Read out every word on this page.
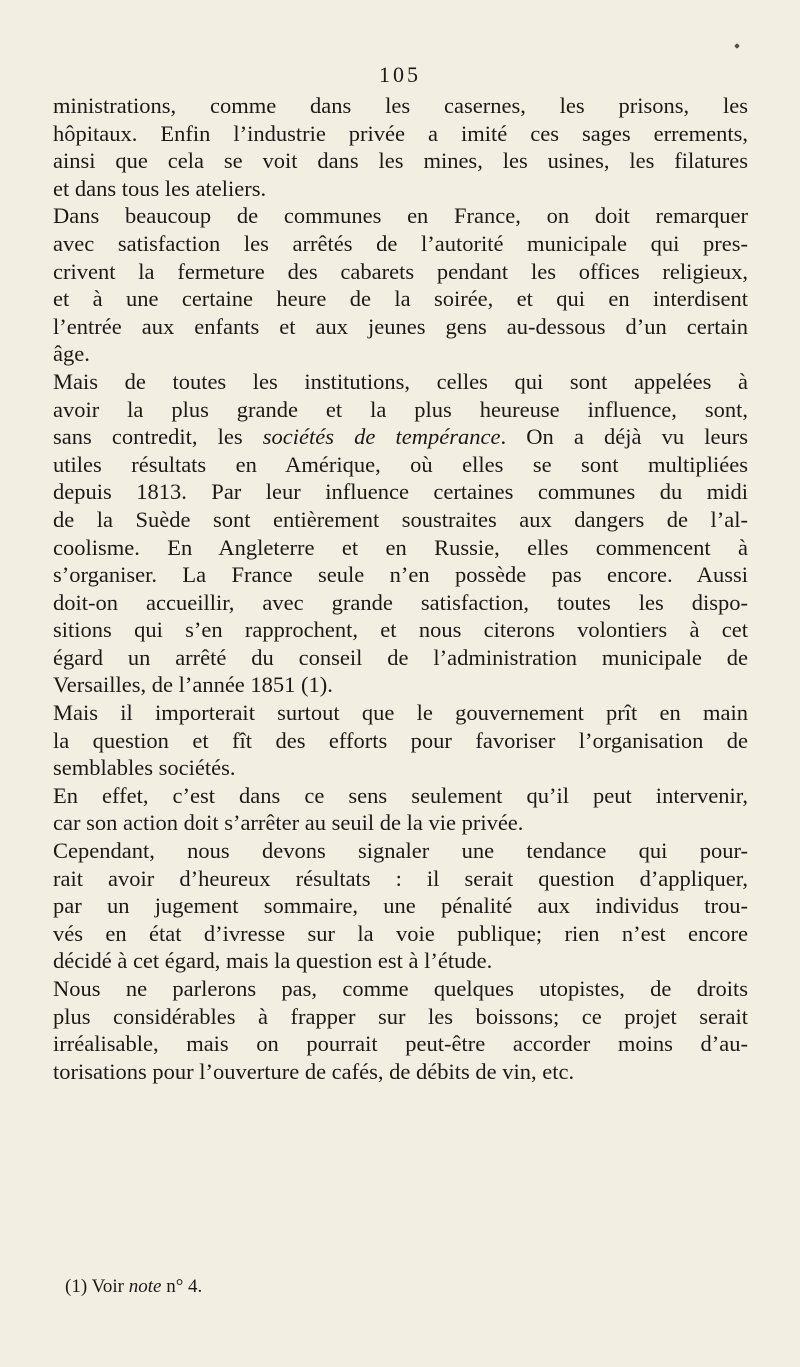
105
ministrations, comme dans les casernes, les prisons, les
hôpitaux. Enfin l’industrie privée a imité ces sages errements,
ainsi que cela se voit dans les mines, les usines, les filatures
et dans tous les ateliers.
Dans beaucoup de communes en France, on doit remarquer
avec satisfaction les arrêtés de l’autorité municipale qui pres-
crivent la fermeture des cabarets pendant les offices religieux,
et à une certaine heure de la soirée, et qui en interdisent
l’entrée aux enfants et aux jeunes gens au-dessous d’un certain
âge.
Mais de toutes les institutions, celles qui sont appelées à
avoir la plus grande et la plus heureuse influence, sont,
sans contredit, les sociétés de tempérance. On a déjà vu leurs
utiles résultats en Amérique, où elles se sont multipliées
depuis 1813. Par leur influence certaines communes du midi
de la Suède sont entièrement soustraites aux dangers de l’al-
coolisme. En Angleterre et en Russie, elles commencent à
s’organiser. La France seule n’en possède pas encore. Aussi
doit-on accueillir, avec grande satisfaction, toutes les dispo-
sitions qui s’en rapprochent, et nous citerons volontiers à cet
égard un arrêté du conseil de l’administration municipale de
Versailles, de l’année 1851 (1).
Mais il importerait surtout que le gouvernement prît en main
la question et fît des efforts pour favoriser l’organisation de
semblables sociétés.
En effet, c’est dans ce sens seulement qu’il peut intervenir,
car son action doit s’arrêter au seuil de la vie privée.
Cependant, nous devons signaler une tendance qui pour-
rait avoir d’heureux résultats : il serait question d’appliquer,
par un jugement sommaire, une pénalité aux individus trou-
vés en état d’ivresse sur la voie publique; rien n’est encore
décidé à cet égard, mais la question est à l’étude.
Nous ne parlerons pas, comme quelques utopistes, de droits
plus considérables à frapper sur les boissons; ce projet serait
irréalisable, mais on pourrait peut-être accorder moins d’au-
torisations pour l’ouverture de cafés, de débits de vin, etc.
(1) Voir note n° 4.
